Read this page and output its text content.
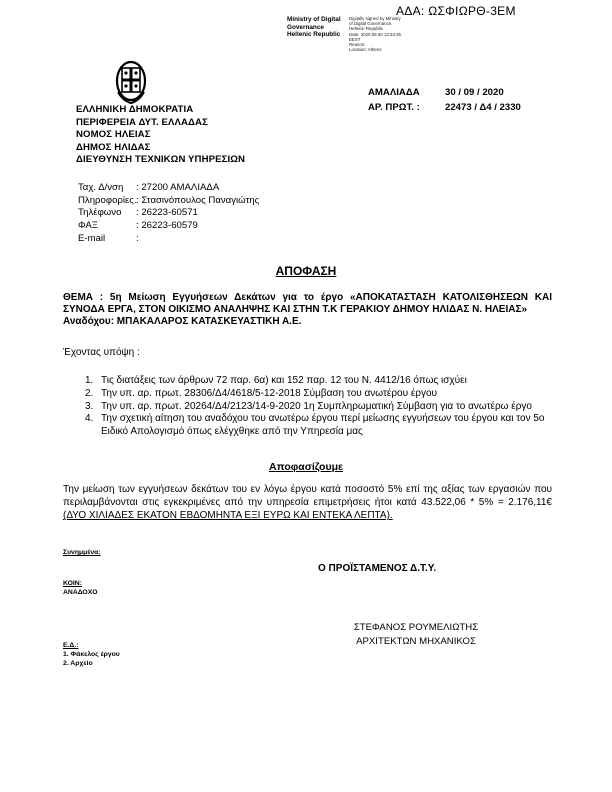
ΑΔΑ: ΩΣΦΙΩΡΘ-3ΕΜ
Ministry of Digital
Governance
Hellenic Republic
Digitally signed by Ministry
of Digital Governance,
Hellenic Republic
Date: 2020.09.30 13:33:25
EEST
Reason:
Location: Athens
ΕΛΛΗΝΙΚΗ ΔΗΜΟΚΡΑΤΙΑ
ΠΕΡΙΦΕΡΕΙΑ ΔΥΤ. ΕΛΛΑΔΑΣ
ΝΟΜΟΣ ΗΛΕΙΑΣ
ΔΗΜΟΣ ΗΛΙΔΑΣ
ΔΙΕΥΘΥΝΣΗ ΤΕΧΝΙΚΩΝ ΥΠΗΡΕΣΙΩΝ
ΑΜΑΛΙΑΔΑ	30 / 09 / 2020
ΑΡ. ΠΡΩΤ. :	22473 / Δ4 / 2330
Ταχ. Δ/νση	: 27200 ΑΜΑΛΙΑΔΑ
Πληροφορίες. : Στασινόπουλος Παναγιώτης
Τηλέφωνο	: 26223-60571
ΦΑΞ	: 26223-60579
E-mail	:
ΑΠΟΦΑΣΗ
ΘΕΜΑ : 5η Μείωση Εγγυήσεων Δεκάτων για το έργο «ΑΠΟΚΑΤΑΣΤΑΣΗ ΚΑΤΟΛΙΣΘΗΣΕΩΝ ΚΑΙ ΣΥΝΟΔΑ ΕΡΓΑ, ΣΤΟΝ ΟΙΚΙΣΜΟ ΑΝΑΛΗΨΗΣ ΚΑΙ ΣΤΗΝ Τ.Κ ΓΕΡΑΚΙΟΥ ΔΗΜΟΥ ΗΛΙΔΑΣ Ν. ΗΛΕΙΑΣ»
Αναδόχου: ΜΠΑΚΑΛΑΡΟΣ ΚΑΤΑΣΚΕΥΑΣΤΙΚΗ Α.Ε.
Έχοντας υπόψη :
1. Τις διατάξεις των άρθρων 72 παρ. 6α) και 152 παρ. 12 του Ν. 4412/16 όπως ισχύει
2. Την υπ. αρ. πρωτ. 28306/Δ4/4618/5-12-2018 Σύμβαση του ανωτέρου έργου
3. Την υπ. αρ. πρωτ. 20264/Δ4/2123/14-9-2020 1η Συμπληρωματική Σύμβαση για το ανωτέρω έργο
4. Την σχετική αίτηση του αναδόχου του ανωτέρω έργου περί μείωσης εγγυήσεων του έργου και τον 5ο Ειδικό Απολογισμό όπως ελέγχθηκε από την Υπηρεσία μας
Αποφασίζουμε
Την μείωση των εγγυήσεων δεκάτων του εν λόγω έργου κατά ποσοστό 5% επί της αξίας των εργασιών που περιλαμβάνονται στις εγκεκριμένες από την υπηρεσία επιμετρήσεις ήτοι κατά 43.522,06 * 5% = 2.176,11€ (ΔΥΟ ΧΙΛΙΑΔΕΣ ΕΚΑΤΟΝ ΕΒΔΟΜΗΝΤΑ ΕΞΙ ΕΥΡΩ ΚΑΙ ΕΝΤΕΚΑ ΛΕΠΤΑ).
Συνημμένα:
ΚΟΙΝ:
ΑΝΑΔΟΧΟ
Ε.Δ.:
1. Φάκελος έργου
2. Αρχείο
Ο ΠΡΟΪΣΤΑΜΕΝΟΣ Δ.Τ.Υ.
ΣΤΕΦΑΝΟΣ ΡΟΥΜΕΛΙΩΤΗΣ
ΑΡΧΙΤΕΚΤΩΝ ΜΗΧΑΝΙΚΟΣ
